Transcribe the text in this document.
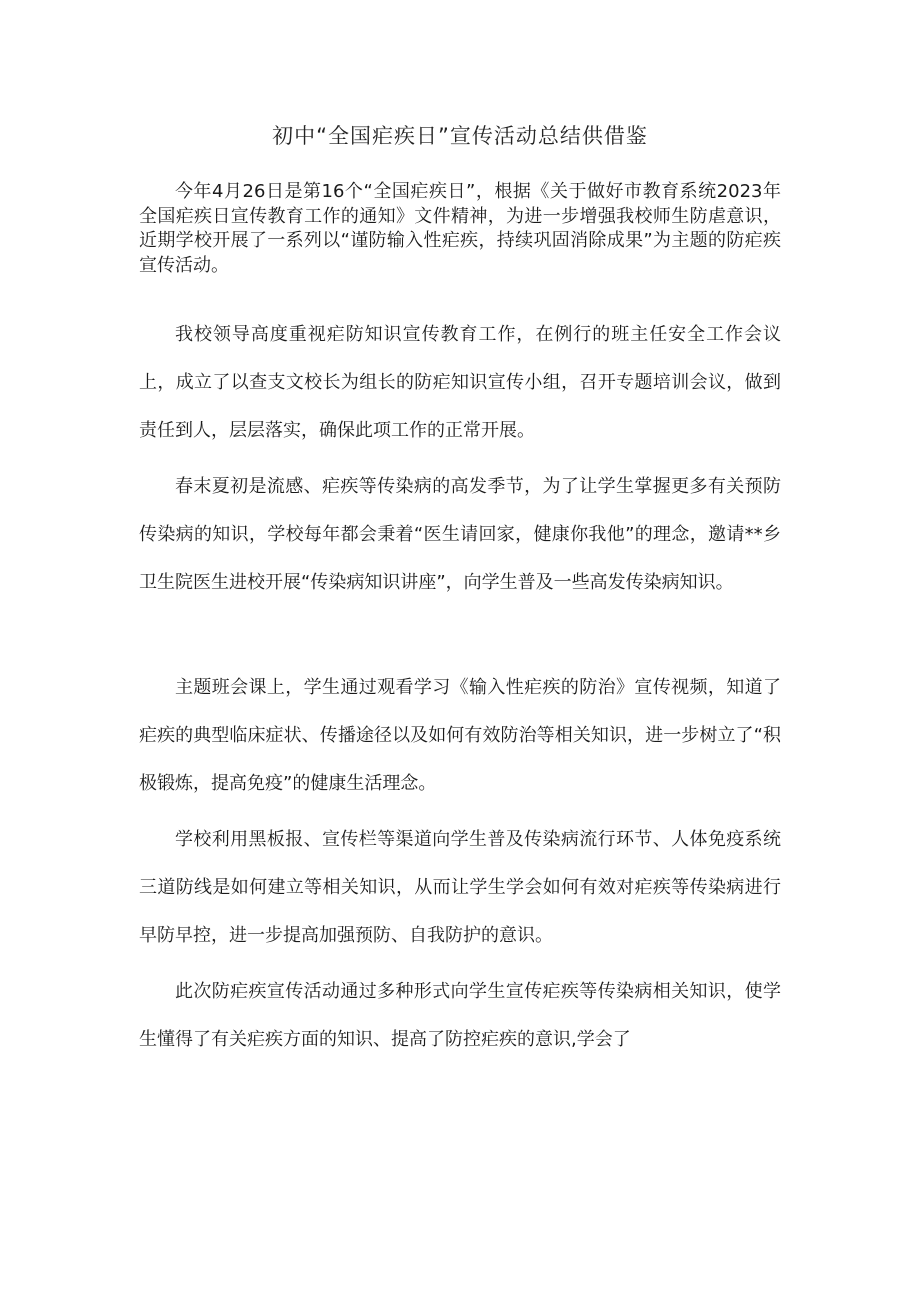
初中“全国疟疾日”宣传活动总结供借鉴

今年4月26日是第16个“全国疟疾日”，根据《关于做好市教育系统2023年全国疟疾日宣传教育工作的通知》文件精神，为进一步增强我校师生防虐意识，近期学校开展了一系列以“谨防输入性疟疾，持续巩固消除成果”为主题的防疟疾宣传活动。

我校领导高度重视疟防知识宣传教育工作，在例行的班主任安全工作会议上，成立了以查支文校长为组长的防疟知识宣传小组，召开专题培训会议，做到责任到人，层层落实，确保此项工作的正常开展。

春末夏初是流感、疟疾等传染病的高发季节，为了让学生掌握更多有关预防传染病的知识，学校每年都会秉着“医生请回家，健康你我他”的理念，邀请**乡卫生院医生进校开展“传染病知识讲座”，向学生普及一些高发传染病知识。

主题班会课上，学生通过观看学习《输入性疟疾的防治》宣传视频，知道了疟疾的典型临床症状、传播途径以及如何有效防治等相关知识，进一步树立了“积极锻炼，提高免疫”的健康生活理念。

学校利用黑板报、宣传栏等渠道向学生普及传染病流行环节、人体免疫系统三道防线是如何建立等相关知识，从而让学生学会如何有效对疟疾等传染病进行早防早控，进一步提高加强预防、自我防护的意识。

此次防疟疾宣传活动通过多种形式向学生宣传疟疾等传染病相关知识，使学生懂得了有关疟疾方面的知识、提高了防控疟疾的意识,学会了
